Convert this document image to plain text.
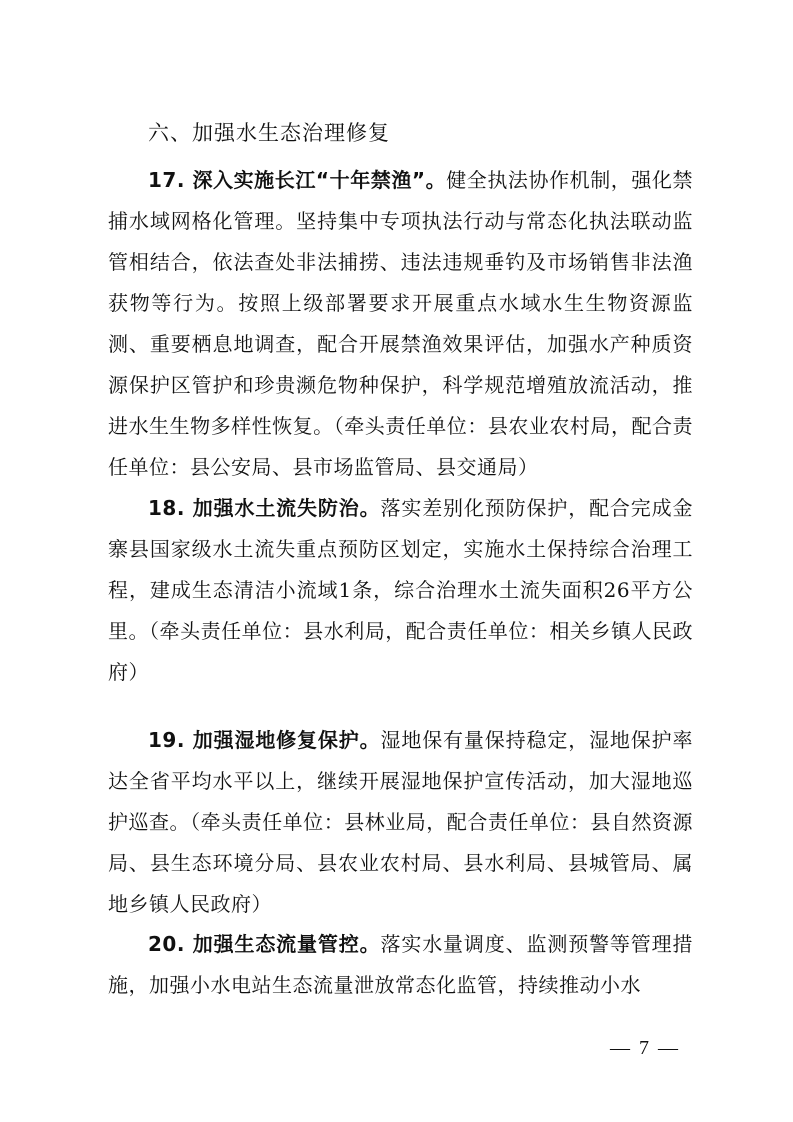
六、加强水生态治理修复

17. 深入实施长江“十年禁渔”。健全执法协作机制，强化禁捕水域网格化管理。坚持集中专项执法行动与常态化执法联动监管相结合，依法查处非法捕捞、违法违规垂钓及市场销售非法渔获物等行为。按照上级部署要求开展重点水域水生生物资源监测、重要栖息地调查，配合开展禁渔效果评估，加强水产种质资源保护区管护和珍贵濒危物种保护，科学规范增殖放流活动，推进水生生物多样性恢复。（牵头责任单位：县农业农村局，配合责任单位：县公安局、县市场监管局、县交通局）

18. 加强水土流失防治。落实差别化预防保护，配合完成金寨县国家级水土流失重点预防区划定，实施水土保持综合治理工程，建成生态清洁小流域1条，综合治理水土流失面积26平方公里。（牵头责任单位：县水利局，配合责任单位：相关乡镇人民政府）

19. 加强湿地修复保护。湿地保有量保持稳定，湿地保护率达全省平均水平以上，继续开展湿地保护宣传活动，加大湿地巡护巡查。（牵头责任单位：县林业局，配合责任单位：县自然资源局、县生态环境分局、县农业农村局、县水利局、县城管局、属地乡镇人民政府）

20. 加强生态流量管控。落实水量调度、监测预警等管理措施，加强小水电站生态流量泄放常态化监管，持续推动小水

— 7 —
